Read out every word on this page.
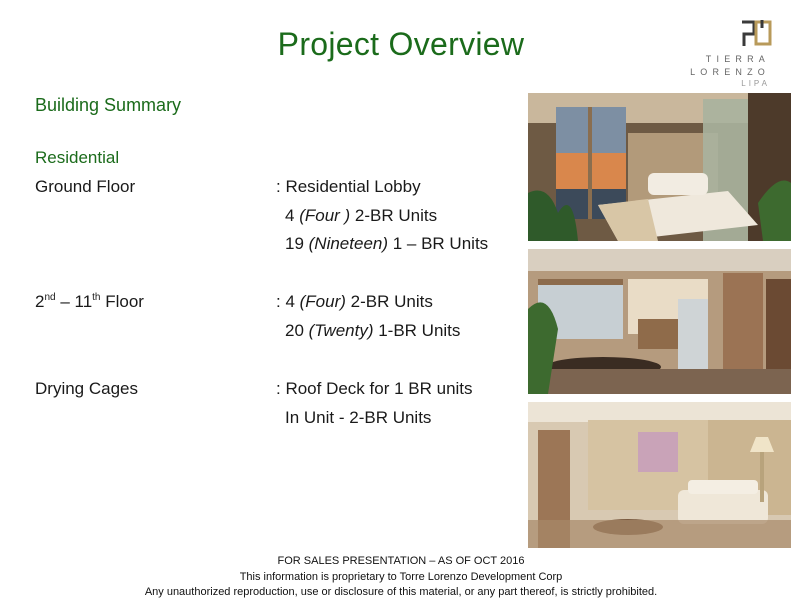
Project Overview	TIERRA
LORENZO
LIPA
Building Summary
Residential
Ground Floor	: Residential Lobby
4 (Four ) 2-BR Units
19 (Nineteen) 1 – BR Units
2nd – 11th Floor	: 4 (Four) 2-BR Units
20 (Twenty) 1-BR Units
Drying Cages	: Roof Deck for 1 BR units
In Unit - 2-BR Units
FOR SALES PRESENTATION – AS OF OCT 2016
This information is proprietary to Torre Lorenzo Development Corp
Any unauthorized reproduction, use or disclosure of this material, or any part thereof, is strictly prohibited.
